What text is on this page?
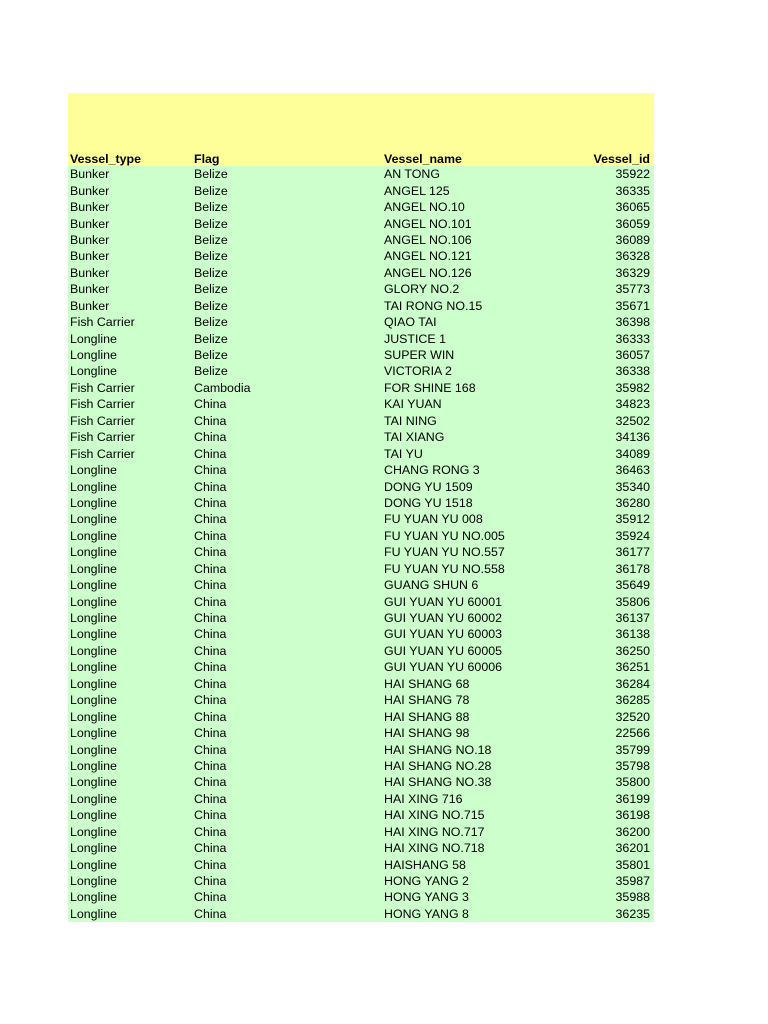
Vessel_type	Flag	Vessel_name	Vessel_id
Bunker	Belize	AN TONG	35922
Bunker	Belize	ANGEL 125	36335
Bunker	Belize	ANGEL NO.10	36065
Bunker	Belize	ANGEL NO.101	36059
Bunker	Belize	ANGEL NO.106	36089
Bunker	Belize	ANGEL NO.121	36328
Bunker	Belize	ANGEL NO.126	36329
Bunker	Belize	GLORY NO.2	35773
Bunker	Belize	TAI RONG NO.15	35671
Fish Carrier	Belize	QIAO TAI	36398
Longline	Belize	JUSTICE 1	36333
Longline	Belize	SUPER WIN	36057
Longline	Belize	VICTORIA 2	36338
Fish Carrier	Cambodia	FOR SHINE 168	35982
Fish Carrier	China	KAI YUAN	34823
Fish Carrier	China	TAI NING	32502
Fish Carrier	China	TAI XIANG	34136
Fish Carrier	China	TAI YU	34089
Longline	China	CHANG RONG 3	36463
Longline	China	DONG YU 1509	35340
Longline	China	DONG YU 1518	36280
Longline	China	FU YUAN YU 008	35912
Longline	China	FU YUAN YU NO.005	35924
Longline	China	FU YUAN YU NO.557	36177
Longline	China	FU YUAN YU NO.558	36178
Longline	China	GUANG SHUN 6	35649
Longline	China	GUI YUAN YU 60001	35806
Longline	China	GUI YUAN YU 60002	36137
Longline	China	GUI YUAN YU 60003	36138
Longline	China	GUI YUAN YU 60005	36250
Longline	China	GUI YUAN YU 60006	36251
Longline	China	HAI SHANG 68	36284
Longline	China	HAI SHANG 78	36285
Longline	China	HAI SHANG 88	32520
Longline	China	HAI SHANG 98	22566
Longline	China	HAI SHANG NO.18	35799
Longline	China	HAI SHANG NO.28	35798
Longline	China	HAI SHANG NO.38	35800
Longline	China	HAI XING 716	36199
Longline	China	HAI XING NO.715	36198
Longline	China	HAI XING NO.717	36200
Longline	China	HAI XING NO.718	36201
Longline	China	HAISHANG 58	35801
Longline	China	HONG YANG 2	35987
Longline	China	HONG YANG 3	35988
Longline	China	HONG YANG 8	36235
